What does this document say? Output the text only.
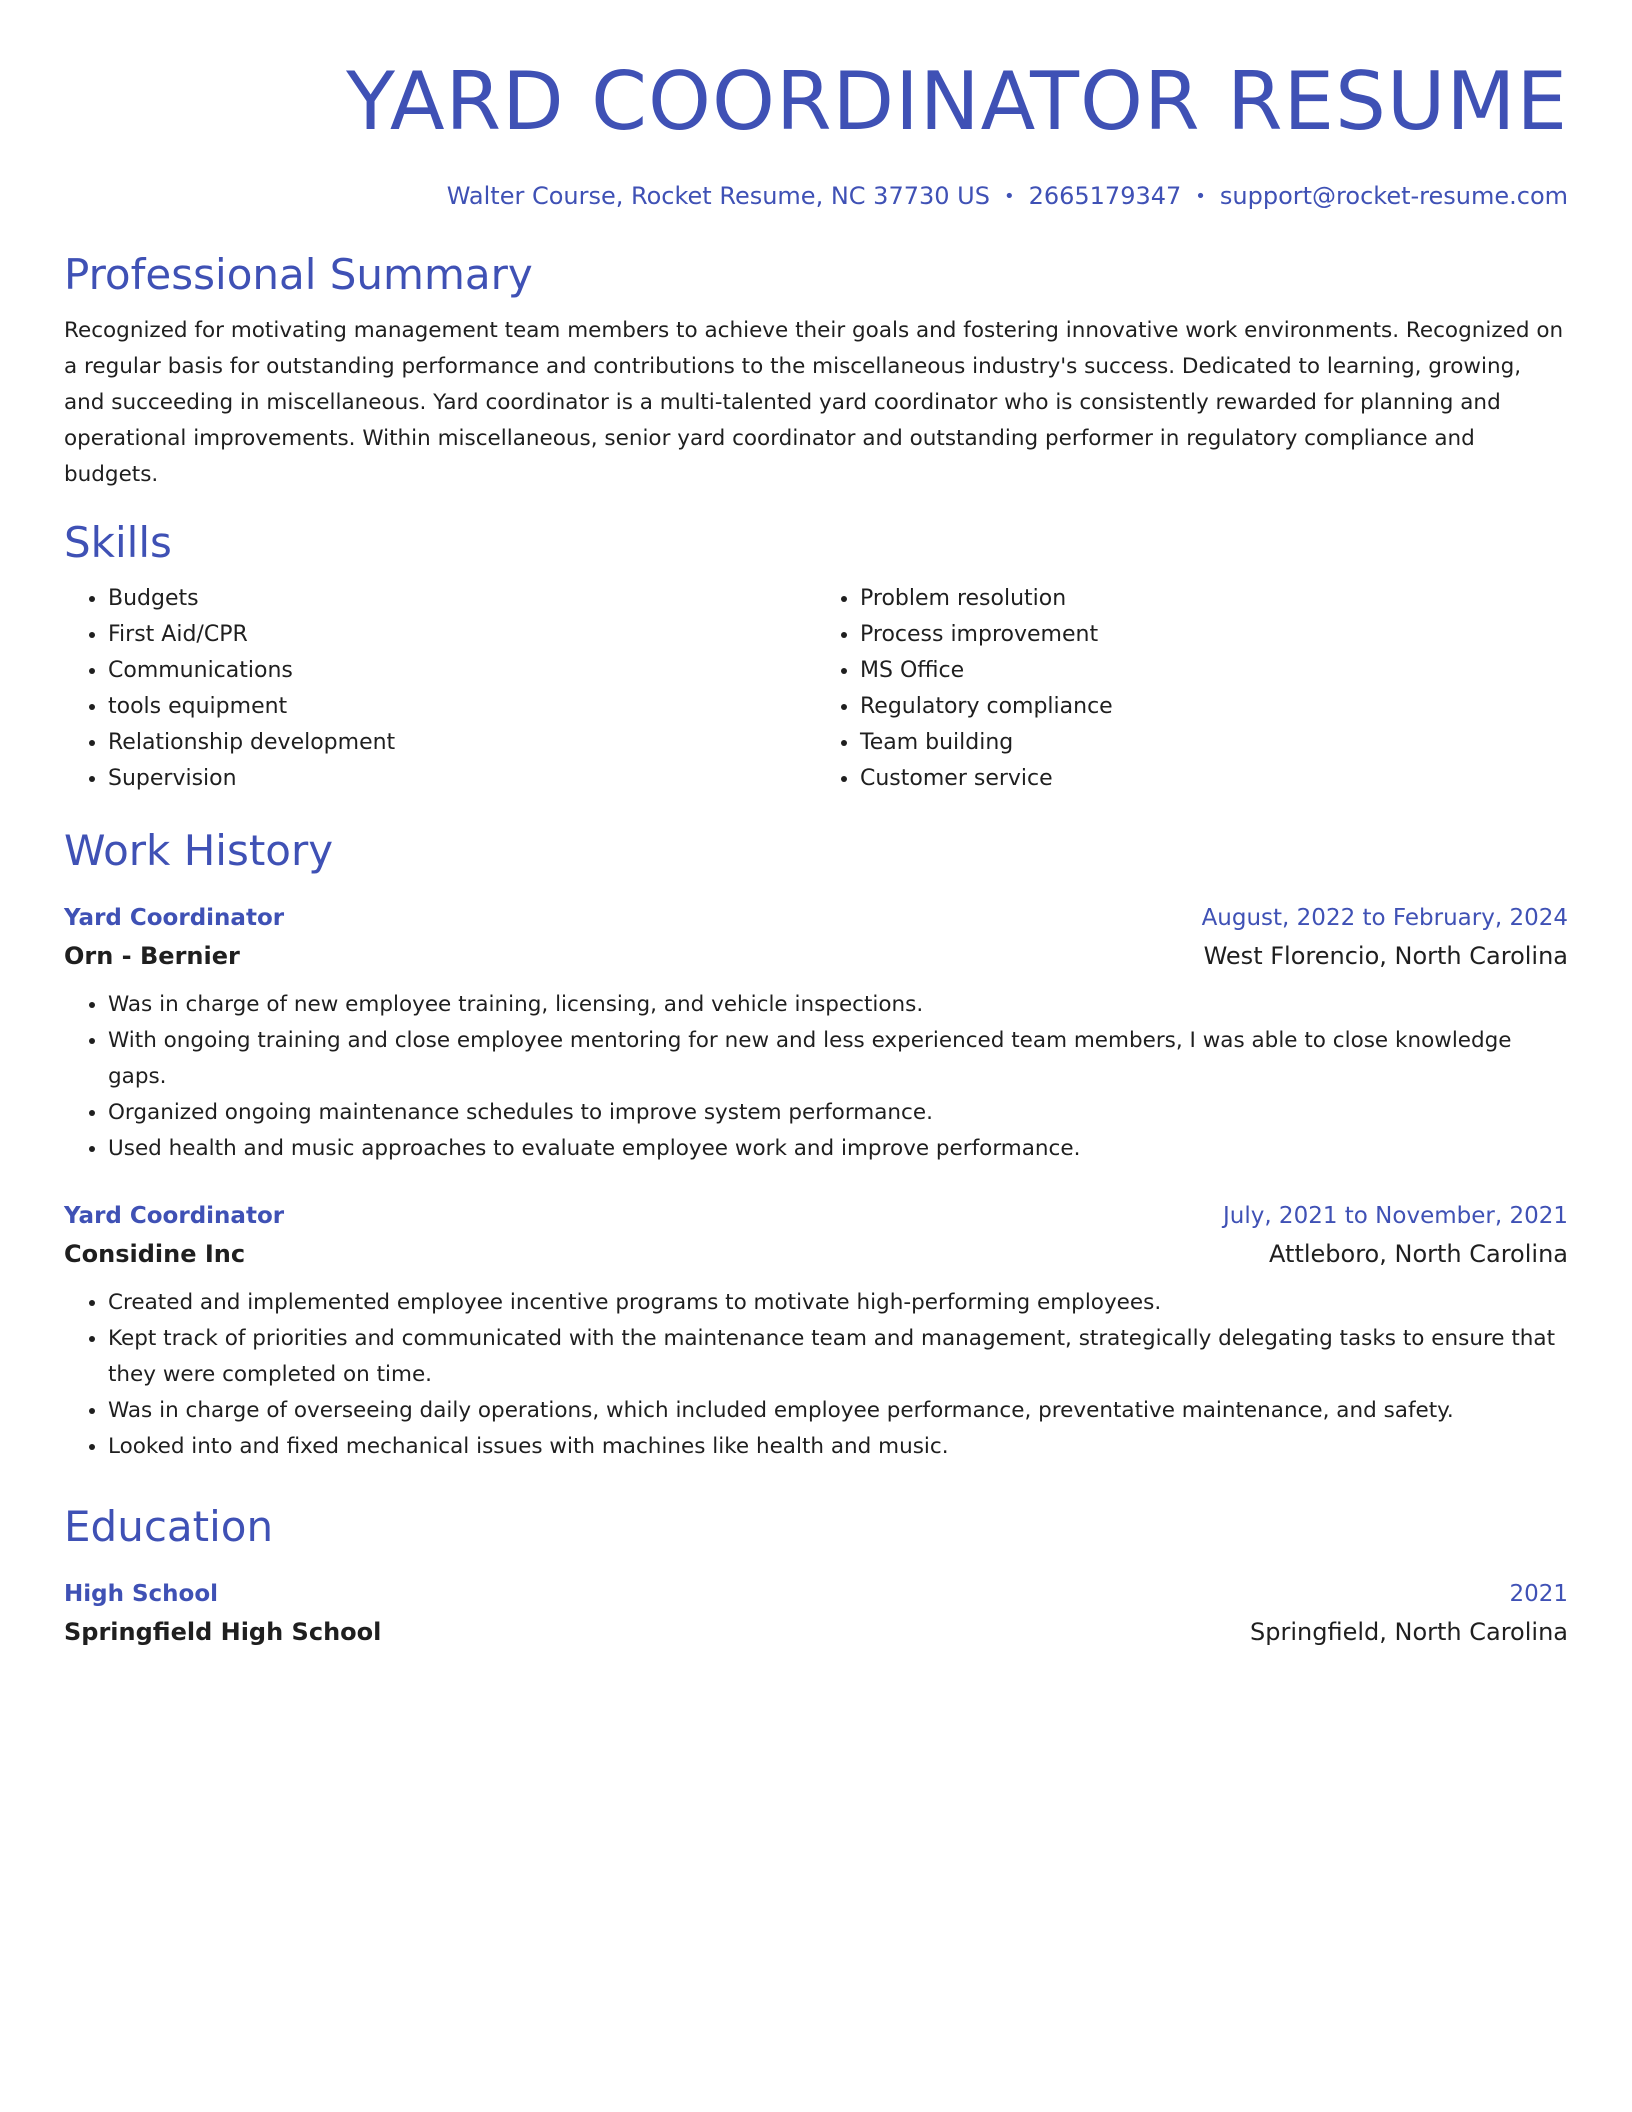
YARD COORDINATOR RESUME
Walter Course, Rocket Resume, NC 37730 US • 2665179347 • support@rocket-resume.com
Professional Summary

Recognized for motivating management team members to achieve their goals and fostering innovative work environments. Recognized on a regular basis for outstanding performance and contributions to the miscellaneous industry's success. Dedicated to learning, growing, and succeeding in miscellaneous. Yard coordinator is a multi-talented yard coordinator who is consistently rewarded for planning and operational improvements. Within miscellaneous, senior yard coordinator and outstanding performer in regulatory compliance and budgets.

Skills
• Budgets
• First Aid/CPR
• Communications
• tools equipment
• Relationship development
• Supervision
• Problem resolution
• Process improvement
• MS Office
• Regulatory compliance
• Team building
• Customer service
Work History
Yard Coordinator	August, 2022 to February, 2024
Orn - Bernier	West Florencio, North Carolina
• Was in charge of new employee training, licensing, and vehicle inspections.
• With ongoing training and close employee mentoring for new and less experienced team members, I was able to close knowledge gaps.
• Organized ongoing maintenance schedules to improve system performance.
• Used health and music approaches to evaluate employee work and improve performance.
Yard Coordinator	July, 2021 to November, 2021
Considine Inc	Attleboro, North Carolina
• Created and implemented employee incentive programs to motivate high-performing employees.
• Kept track of priorities and communicated with the maintenance team and management, strategically delegating tasks to ensure that they were completed on time.
• Was in charge of overseeing daily operations, which included employee performance, preventative maintenance, and safety.
• Looked into and fixed mechanical issues with machines like health and music.
Education
High School	2021
Springfield High School	Springfield, North Carolina
